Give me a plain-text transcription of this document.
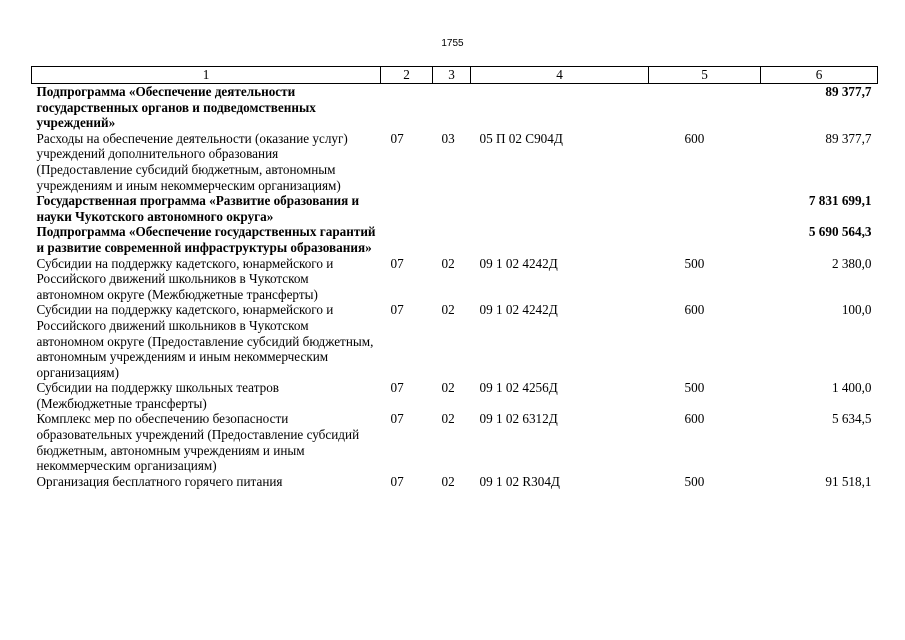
1755
1	2	3	4	5	6
Подпрограмма «Обеспечение деятельности государственных органов и подведомственных учреждений»					89 377,7
Расходы на обеспечение деятельности (оказание услуг) учреждений дополнительного образования (Предоставление субсидий бюджетным, автономным учреждениям и иным некоммерческим организациям)	07	03	05 П 02 С904Д	600	89 377,7
Государственная программа «Развитие образования и науки Чукотского автономного округа»					7 831 699,1
Подпрограмма «Обеспечение государственных гарантий и развитие современной инфраструктуры образования»					5 690 564,3
Субсидии на поддержку кадетского, юнармейского и Российского движений школьников в Чукотском автономном округе (Межбюджетные трансферты)	07	02	09 1 02 4242Д	500	2 380,0
Субсидии на поддержку кадетского, юнармейского и Российского движений школьников в Чукотском автономном округе (Предоставление субсидий бюджетным, автономным учреждениям и иным некоммерческим организациям)	07	02	09 1 02 4242Д	600	100,0
Субсидии на поддержку школьных театров (Межбюджетные трансферты)	07	02	09 1 02 4256Д	500	1 400,0
Комплекс мер по обеспечению безопасности образовательных учреждений (Предоставление субсидий бюджетным, автономным учреждениям и иным некоммерческим организациям)	07	02	09 1 02 6312Д	600	5 634,5
Организация бесплатного горячего питания	07	02	09 1 02 R304Д	500	91 518,1
